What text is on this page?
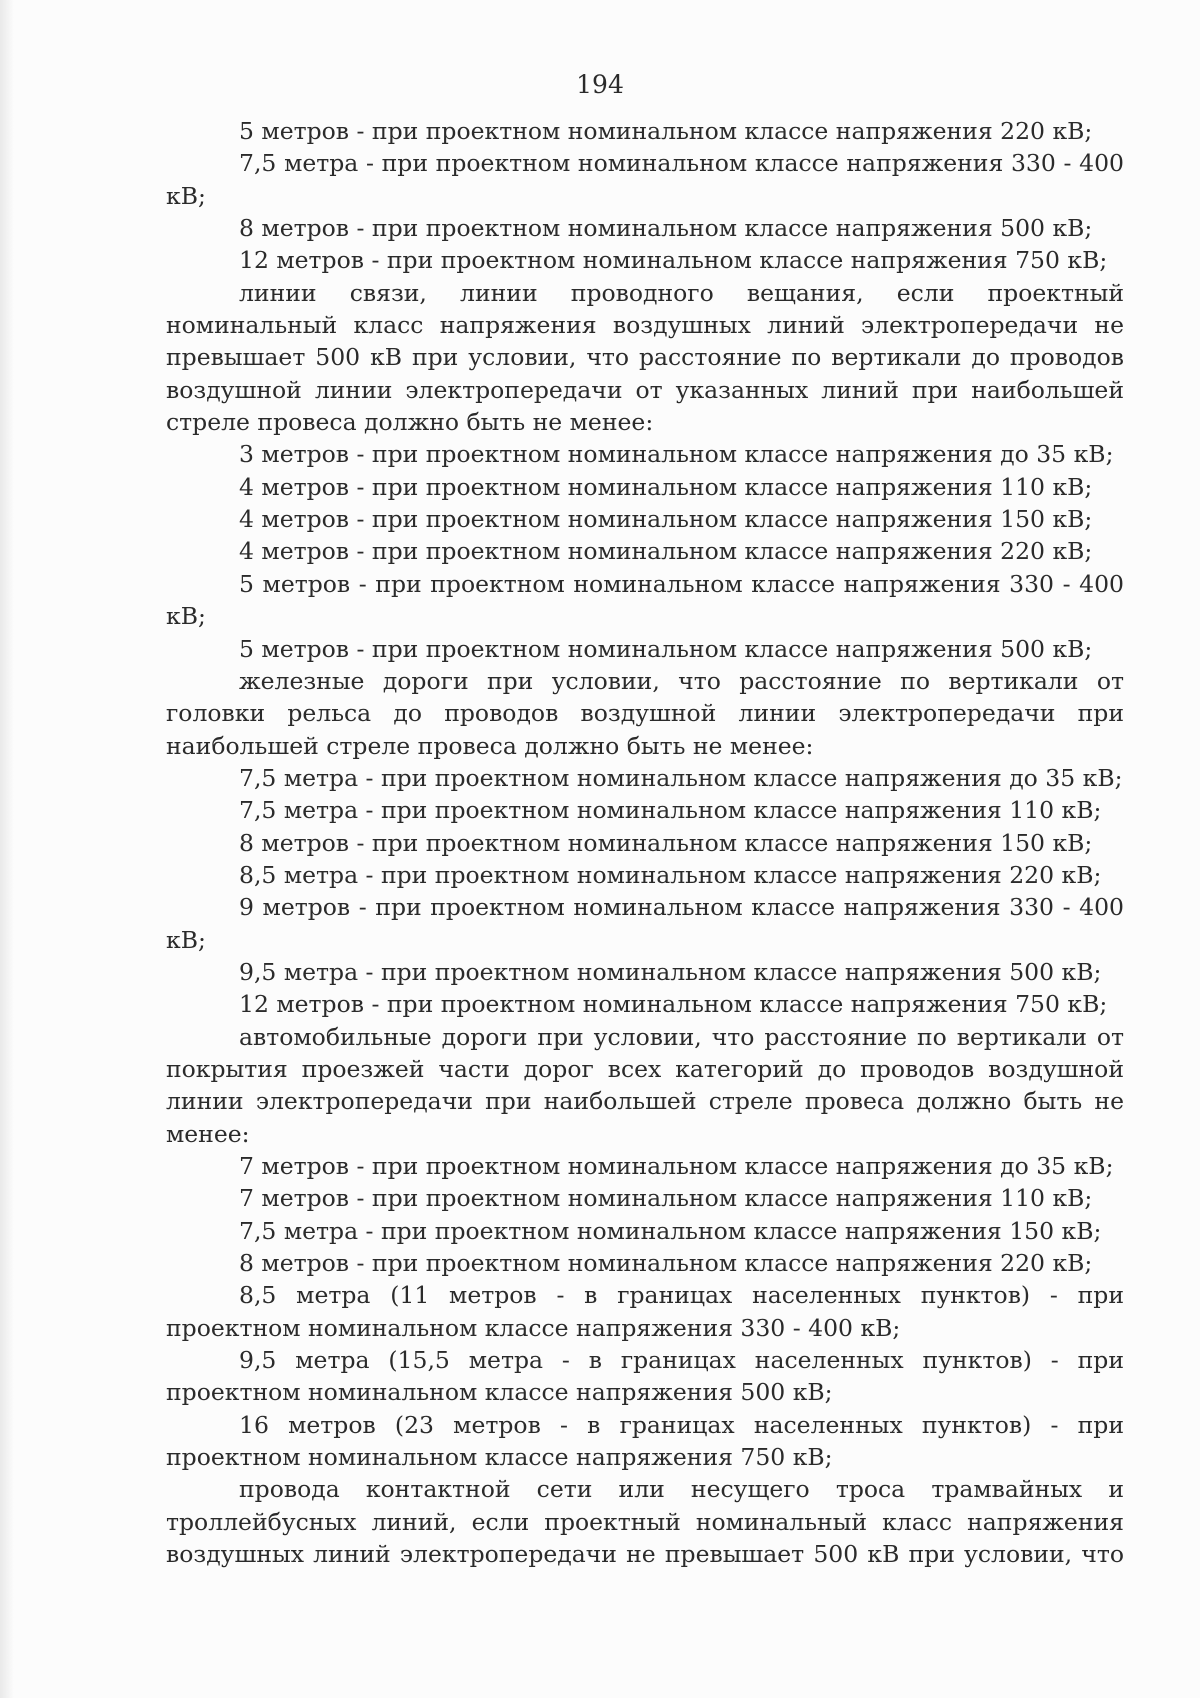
194

5 метров - при проектном номинальном классе напряжения 220 кВ;

7,5 метра - при проектном номинальном классе напряжения 330 - 400 кВ;

8 метров - при проектном номинальном классе напряжения 500 кВ;

12 метров - при проектном номинальном классе напряжения 750 кВ;

линии связи, линии проводного вещания, если проектный номинальный класс напряжения воздушных линий электропередачи не превышает 500 кВ при условии, что расстояние по вертикали до проводов воздушной линии электропередачи от указанных линий при наибольшей стреле провеса должно быть не менее:

3 метров - при проектном номинальном классе напряжения до 35 кВ;

4 метров - при проектном номинальном классе напряжения 110 кВ;

4 метров - при проектном номинальном классе напряжения 150 кВ;

4 метров - при проектном номинальном классе напряжения 220 кВ;

5 метров - при проектном номинальном классе напряжения 330 - 400 кВ;

5 метров - при проектном номинальном классе напряжения 500 кВ;

железные дороги при условии, что расстояние по вертикали от головки рельса до проводов воздушной линии электропередачи при наибольшей стреле провеса должно быть не менее:

7,5 метра - при проектном номинальном классе напряжения до 35 кВ;

7,5 метра - при проектном номинальном классе напряжения 110 кВ;

8 метров - при проектном номинальном классе напряжения 150 кВ;

8,5 метра - при проектном номинальном классе напряжения 220 кВ;

9 метров - при проектном номинальном классе напряжения 330 - 400 кВ;

9,5 метра - при проектном номинальном классе напряжения 500 кВ;

12 метров - при проектном номинальном классе напряжения 750 кВ;

автомобильные дороги при условии, что расстояние по вертикали от покрытия проезжей части дорог всех категорий до проводов воздушной линии электропередачи при наибольшей стреле провеса должно быть не менее:

7 метров - при проектном номинальном классе напряжения до 35 кВ;

7 метров - при проектном номинальном классе напряжения 110 кВ;

7,5 метра - при проектном номинальном классе напряжения 150 кВ;

8 метров - при проектном номинальном классе напряжения 220 кВ;

8,5 метра (11 метров - в границах населенных пунктов) - при проектном номинальном классе напряжения 330 - 400 кВ;

9,5 метра (15,5 метра - в границах населенных пунктов) - при проектном номинальном классе напряжения 500 кВ;

16 метров (23 метров - в границах населенных пунктов) - при проектном номинальном классе напряжения 750 кВ;

провода контактной сети или несущего троса трамвайных и троллейбусных линий, если проектный номинальный класс напряжения воздушных линий электропередачи не превышает 500 кВ при условии, что
